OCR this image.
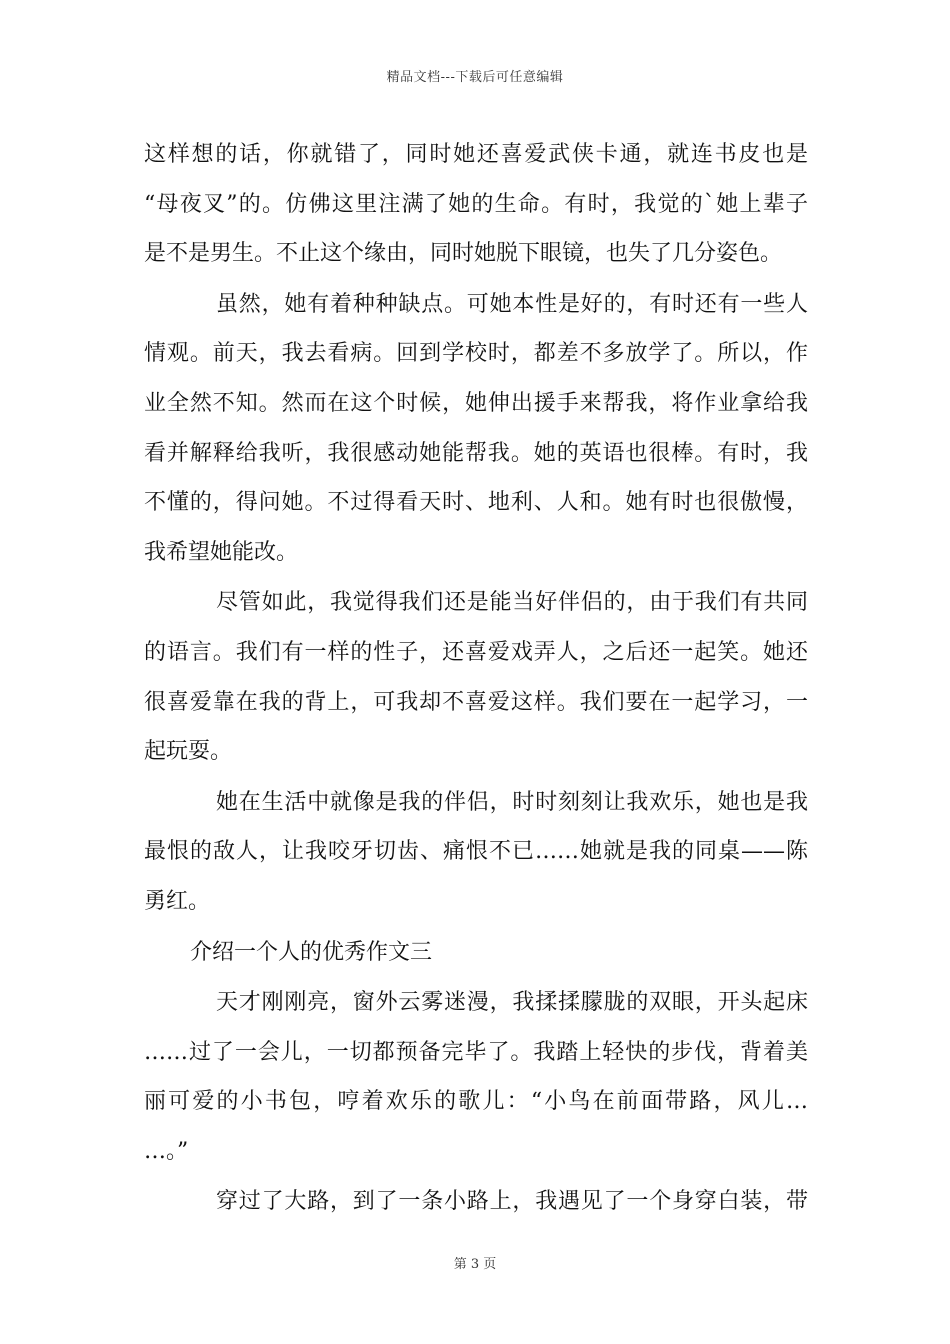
精品文档---下载后可任意编辑
这样想的话，你就错了，同时她还喜爱武侠卡通，就连书皮也是
“母夜叉”的。仿佛这里注满了她的生命。有时，我觉的`她上辈子
是不是男生。不止这个缘由，同时她脱下眼镜，也失了几分姿色。
虽然，她有着种种缺点。可她本性是好的，有时还有一些人
情观。前天，我去看病。回到学校时，都差不多放学了。所以，作
业全然不知。然而在这个时候，她伸出援手来帮我，将作业拿给我
看并解释给我听，我很感动她能帮我。她的英语也很棒。有时，我
不懂的，得问她。不过得看天时、地利、人和。她有时也很傲慢，
我希望她能改。
尽管如此，我觉得我们还是能当好伴侣的，由于我们有共同
的语言。我们有一样的性子，还喜爱戏弄人，之后还一起笑。她还
很喜爱靠在我的背上，可我却不喜爱这样。我们要在一起学习，一
起玩耍。
她在生活中就像是我的伴侣，时时刻刻让我欢乐，她也是我
最恨的敌人，让我咬牙切齿、痛恨不已……她就是我的同桌——陈
勇红。
介绍一个人的优秀作文三
天才刚刚亮，窗外云雾迷漫，我揉揉朦胧的双眼，开头起床
……过了一会儿，一切都预备完毕了。我踏上轻快的步伐，背着美
丽可爱的小书包，哼着欢乐的歌儿：“小鸟在前面带路，风儿…
…。”
穿过了大路，到了一条小路上，我遇见了一个身穿白装，带
第 3 页
